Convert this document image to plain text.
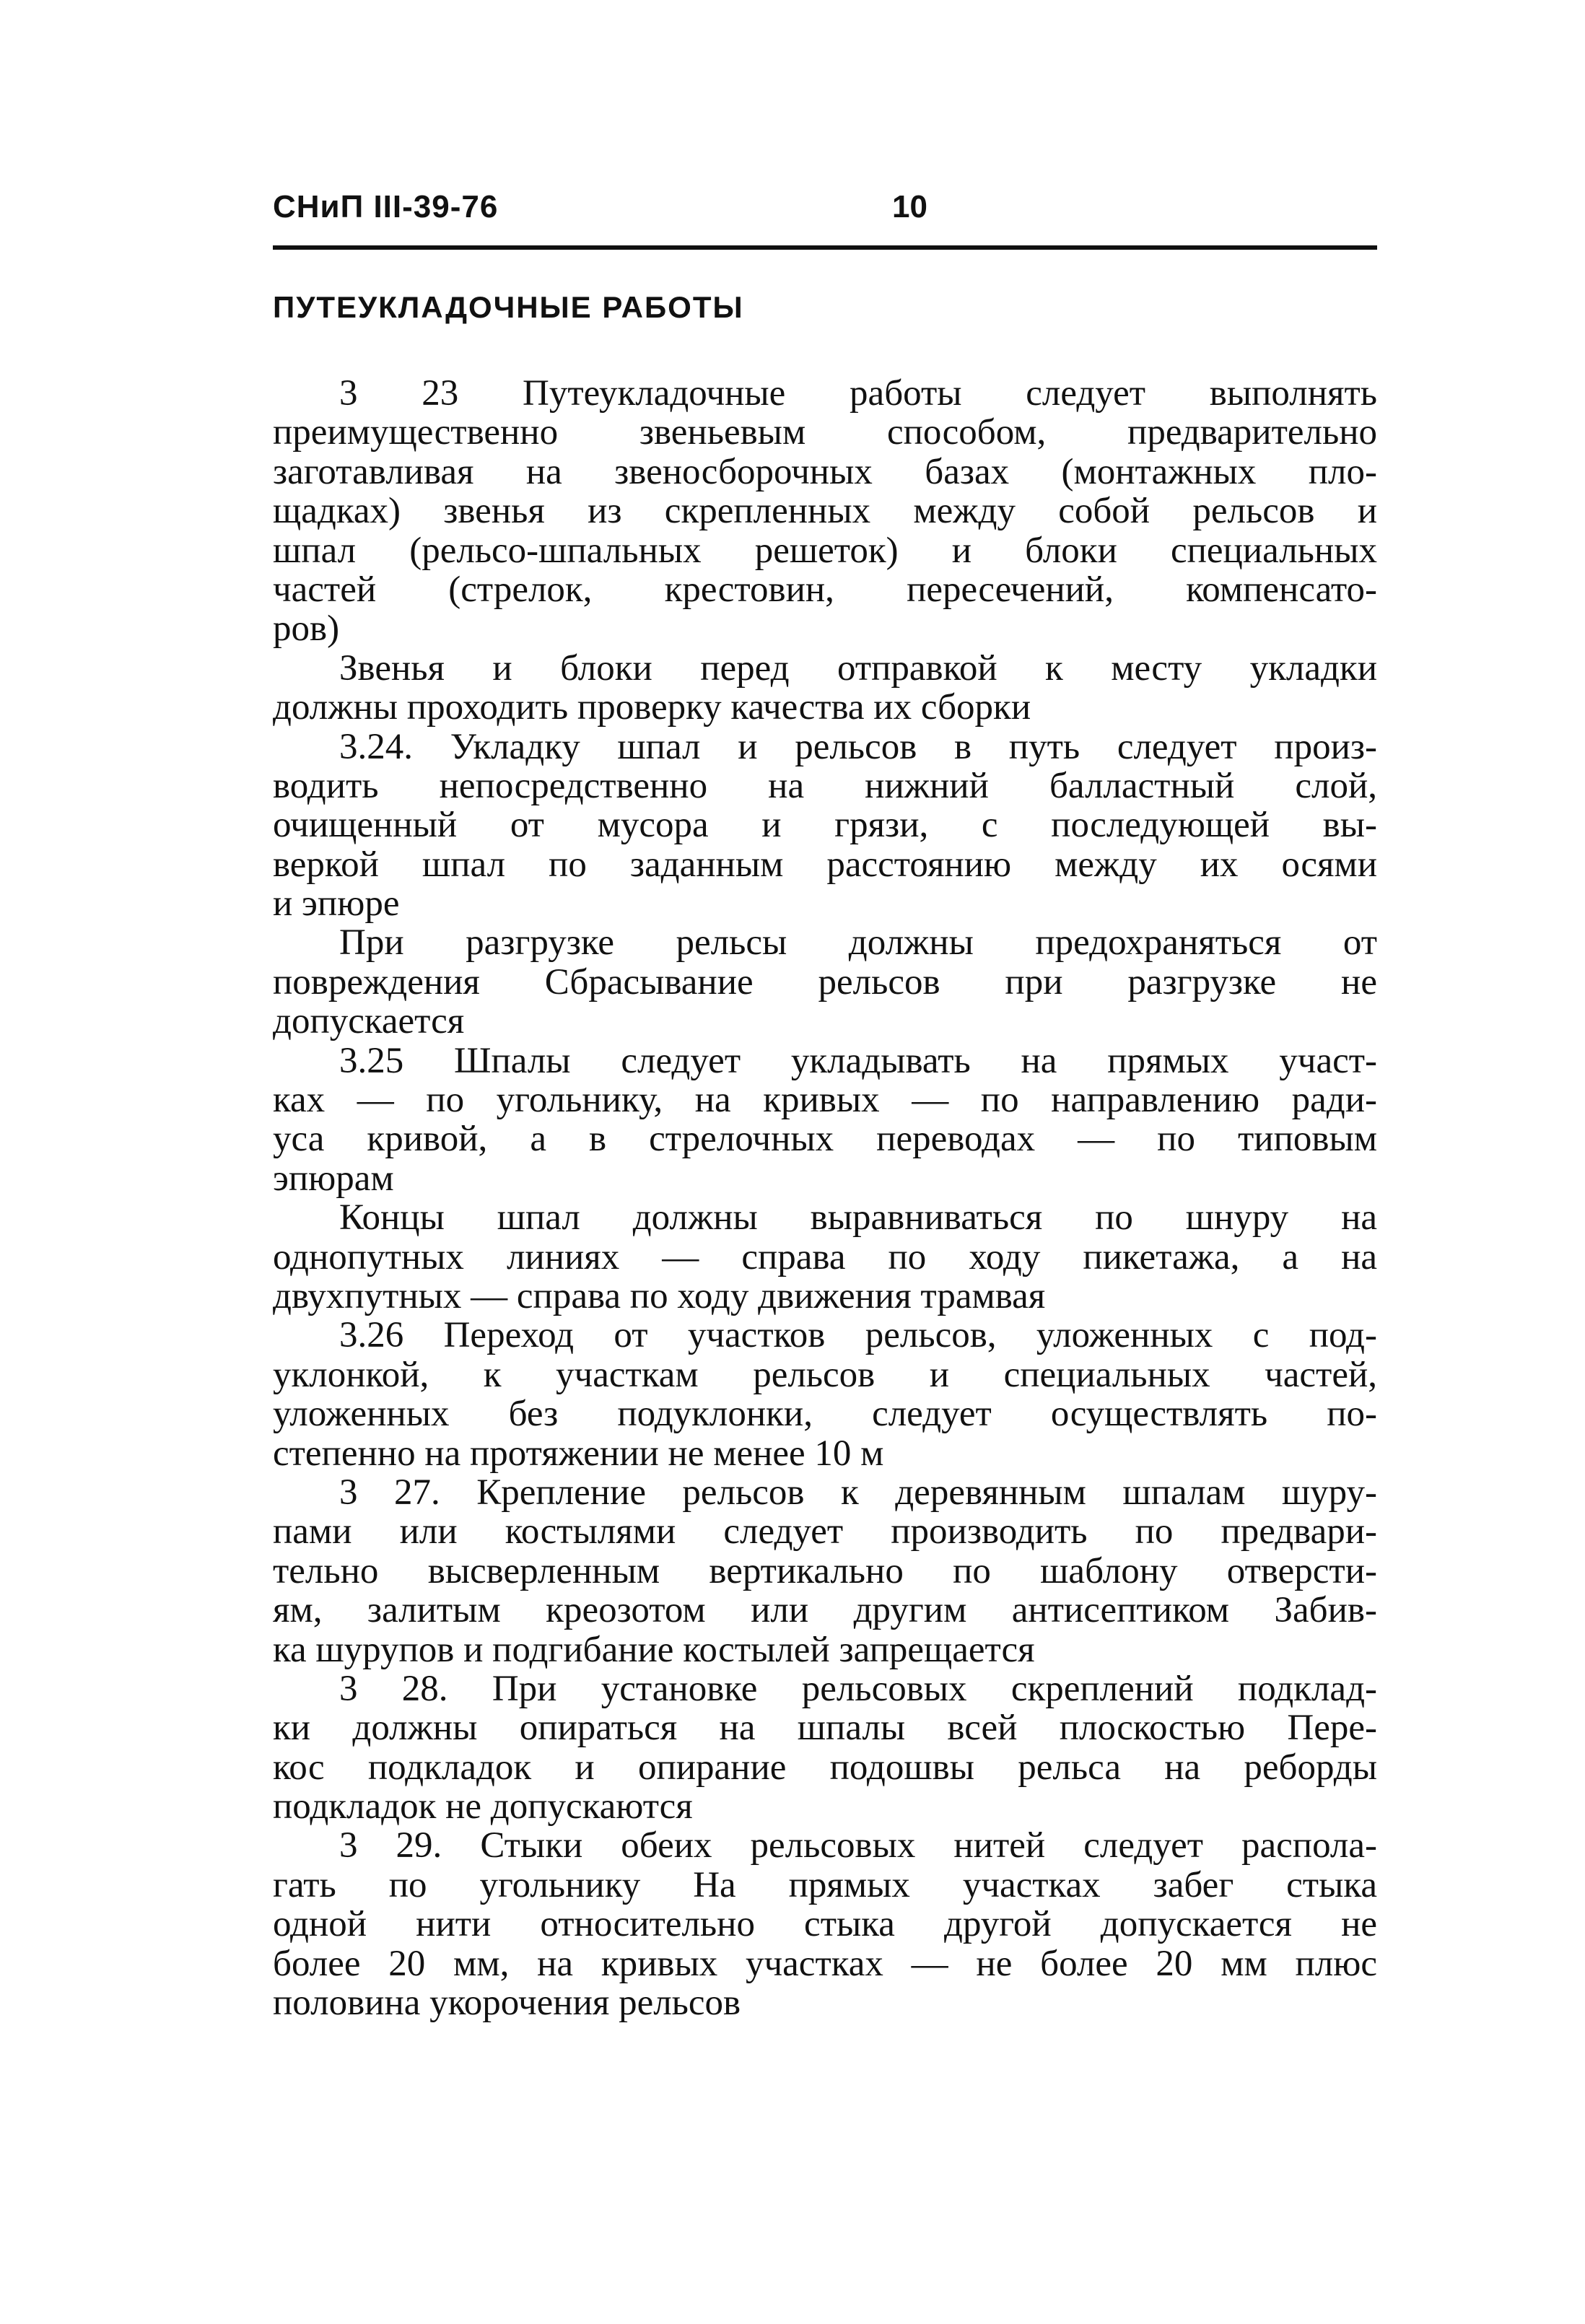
СНиП III-39-76	10
ПУТЕУКЛАДОЧНЫЕ РАБОТЫ
3 23 Путеукладочные работы следует выполнять
преимущественно звеньевым способом, предварительно
заготавливая на звеносборочных базах (монтажных пло-
щадках) звенья из скрепленных между собой рельсов и
шпал (рельсо-шпальных решеток) и блоки специальных
частей (стрелок, крестовин, пересечений, компенсато-
ров)
Звенья и блоки перед отправкой к месту укладки
должны проходить проверку качества их сборки
3.24. Укладку шпал и рельсов в путь следует произ-
водить непосредственно на нижний балластный слой,
очищенный от мусора и грязи, с последующей вы-
веркой шпал по заданным расстоянию между их осями
и эпюре
При разгрузке рельсы должны предохраняться от
повреждения Сбрасывание рельсов при разгрузке не
допускается
3.25 Шпалы следует укладывать на прямых участ-
ках — по угольнику, на кривых — по направлению ради-
уса кривой, а в стрелочных переводах — по типовым
эпюрам
Концы шпал должны выравниваться по шнуру на
однопутных линиях — справа по ходу пикетажа, а на
двухпутных — справа по ходу движения трамвая
3.26 Переход от участков рельсов, уложенных с под-
уклонкой, к участкам рельсов и специальных частей,
уложенных без подуклонки, следует осуществлять по-
степенно на протяжении не менее 10 м
3 27. Крепление рельсов к деревянным шпалам шуру-
пами или костылями следует производить по предвари-
тельно высверленным вертикально по шаблону отверсти-
ям, залитым креозотом или другим антисептиком Забив-
ка шурупов и подгибание костылей запрещается
3 28. При установке рельсовых скреплений подклад-
ки должны опираться на шпалы всей плоскостью Пере-
кос подкладок и опирание подошвы рельса на реборды
подкладок не допускаются
3 29. Стыки обеих рельсовых нитей следует распола-
гать по угольнику На прямых участках забег стыка
одной нити относительно стыка другой допускается не
более 20 мм, на кривых участках — не более 20 мм плюс
половина укорочения рельсов
